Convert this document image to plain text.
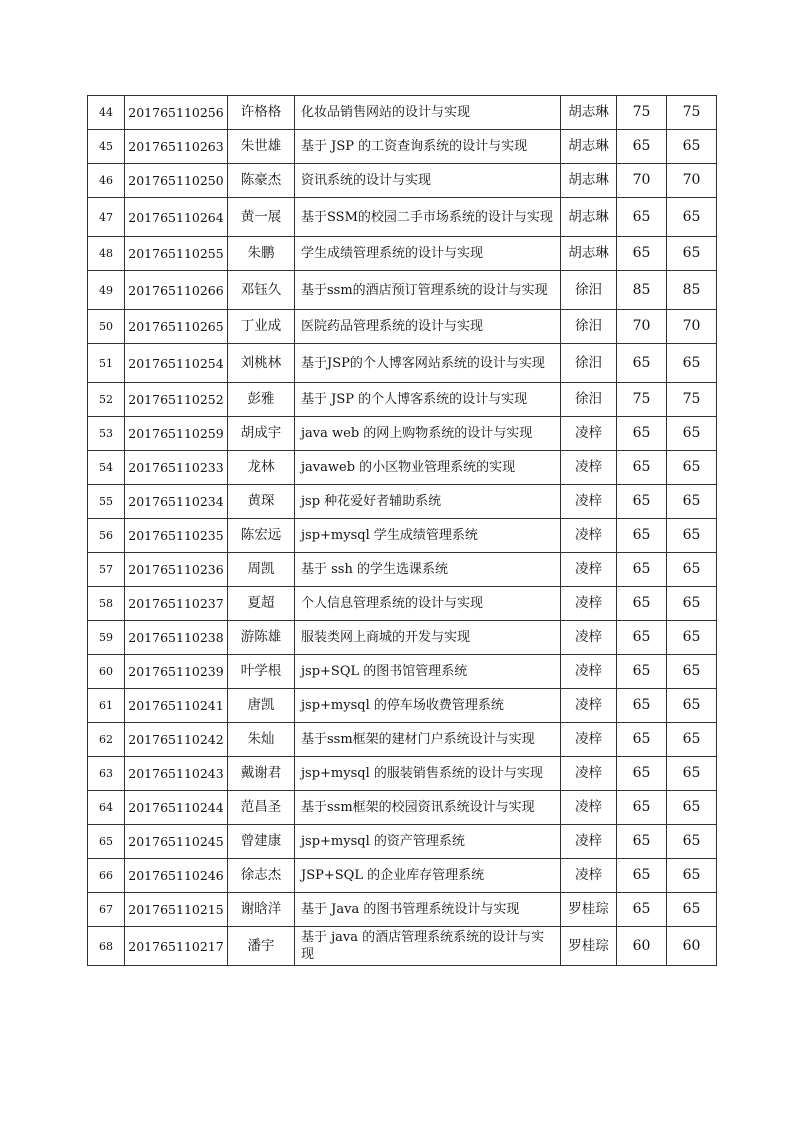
44	201765110256	许格格	化妆品销售网站的设计与实现	胡志琳	75	75
45	201765110263	朱世雄	基于 JSP 的工资查询系统的设计与实现	胡志琳	65	65
46	201765110250	陈豪杰	资讯系统的设计与实现	胡志琳	70	70
47	201765110264	黄一展	基于SSM的校园二手市场系统的设计与实现	胡志琳	65	65
48	201765110255	朱鹏	学生成绩管理系统的设计与实现	胡志琳	65	65
49	201765110266	邓钰久	基于ssm的酒店预订管理系统的设计与实现	徐汨	85	85
50	201765110265	丁业成	医院药品管理系统的设计与实现	徐汨	70	70
51	201765110254	刘桃林	基于JSP的个人博客网站系统的设计与实现	徐汨	65	65
52	201765110252	彭雅	基于 JSP 的个人博客系统的设计与实现	徐汨	75	75
53	201765110259	胡成宇	java web 的网上购物系统的设计与实现	凌梓	65	65
54	201765110233	龙林	javaweb 的小区物业管理系统的实现	凌梓	65	65
55	201765110234	黄琛	jsp 种花爱好者辅助系统	凌梓	65	65
56	201765110235	陈宏远	jsp+mysql 学生成绩管理系统	凌梓	65	65
57	201765110236	周凯	基于 ssh 的学生选课系统	凌梓	65	65
58	201765110237	夏超	个人信息管理系统的设计与实现	凌梓	65	65
59	201765110238	游陈雄	服装类网上商城的开发与实现	凌梓	65	65
60	201765110239	叶学根	jsp+SQL 的图书馆管理系统	凌梓	65	65
61	201765110241	唐凯	jsp+mysql 的停车场收费管理系统	凌梓	65	65
62	201765110242	朱灿	基于ssm框架的建材门户系统设计与实现	凌梓	65	65
63	201765110243	戴谢君	jsp+mysql 的服装销售系统的设计与实现	凌梓	65	65
64	201765110244	范昌圣	基于ssm框架的校园资讯系统设计与实现	凌梓	65	65
65	201765110245	曾建康	jsp+mysql 的资产管理系统	凌梓	65	65
66	201765110246	徐志杰	JSP+SQL 的企业库存管理系统	凌梓	65	65
67	201765110215	谢晗洋	基于 Java 的图书管理系统设计与实现	罗桂琮	65	65
68	201765110217	潘宇	基于 java 的酒店管理系统系统的设计与实现	罗桂琮	60	60
